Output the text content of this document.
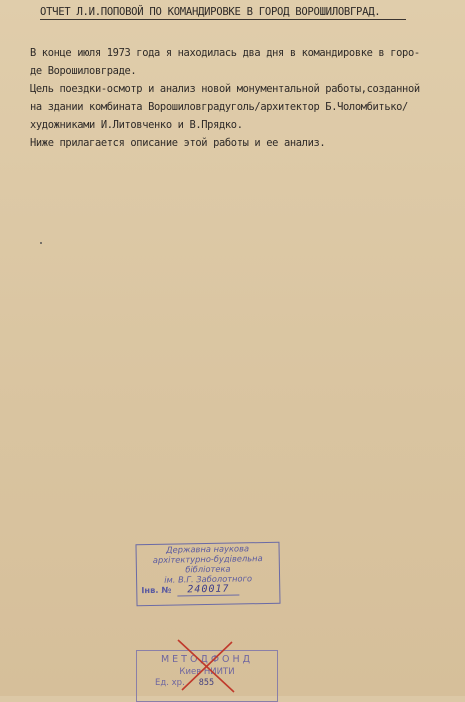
ОТЧЕТ Л.И.ПОПОВОЙ ПО КОМАНДИРОВКЕ В ГОРОД ВОРОШИЛОВГРАД.
В конце июля 1973 года я находилась два дня в командировке в горо-
де Ворошиловграде.
Цель поездки-осмотр и анализ новой монументальной работы,созданной
на здании комбината Ворошиловградуголь/архитектор Б.Чоломбитько/
художниками И.Литовченко и В.Прядко.
Ниже прилагается описание этой работы и ее анализ.
Державна наукова
архітектурно-будівельна
бібліотека
ім. В.Г. Заболотного
Інв. № 240017
МЕТОДФОНД
Киев НИИТИ
Ед. хр. 855
